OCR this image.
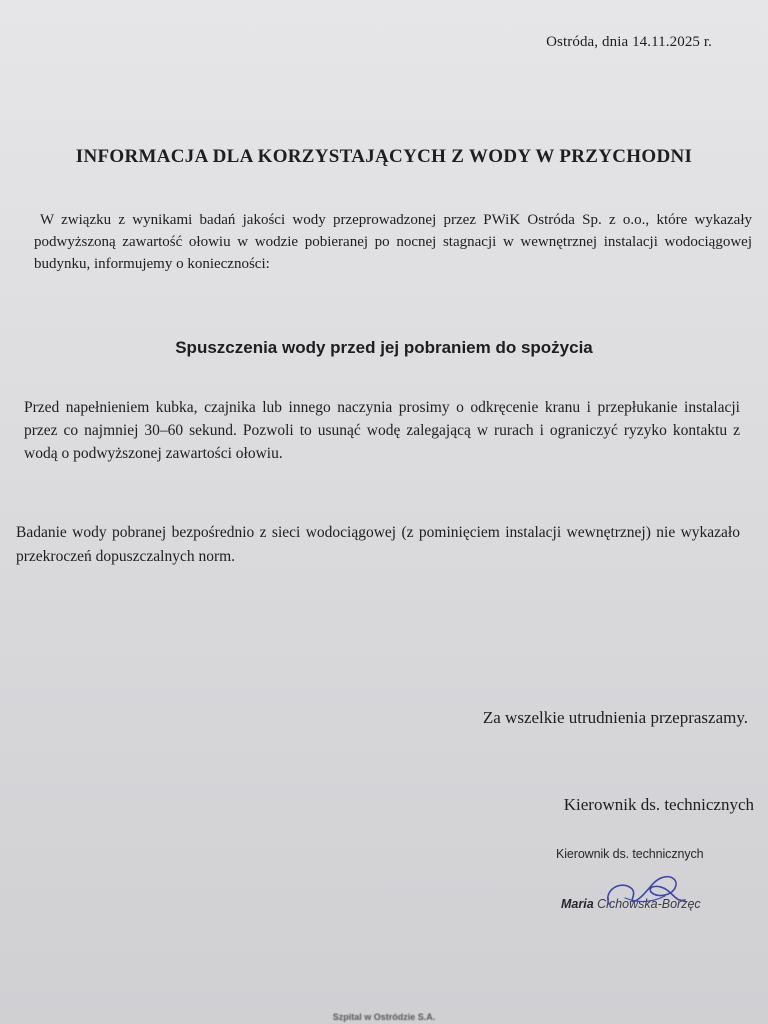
Ostróda, dnia 14.11.2025 r.
INFORMACJA DLA KORZYSTAJĄCYCH Z WODY W PRZYCHODNI
W związku z wynikami badań jakości wody przeprowadzonej przez PWiK Ostróda Sp. z o.o., które wykazały podwyższoną zawartość ołowiu w wodzie pobieranej po nocnej stagnacji w wewnętrznej instalacji wodociągowej budynku, informujemy o konieczności:
Spuszczenia wody przed jej pobraniem do spożycia
Przed napełnieniem kubka, czajnika lub innego naczynia prosimy o odkręcenie kranu i przepłukanie instalacji przez co najmniej 30–60 sekund. Pozwoli to usunąć wodę zalegającą w rurach i ograniczyć ryzyko kontaktu z wodą o podwyższonej zawartości ołowiu.
Badanie wody pobranej bezpośrednio z sieci wodociągowej (z pominięciem instalacji wewnętrznej) nie wykazało przekroczeń dopuszczalnych norm.
Za wszelkie utrudnienia przepraszamy.
Kierownik ds. technicznych
Kierownik ds. technicznych
Maria Cichowska-Borzęc
Szpital w Ostródzie S.A.
